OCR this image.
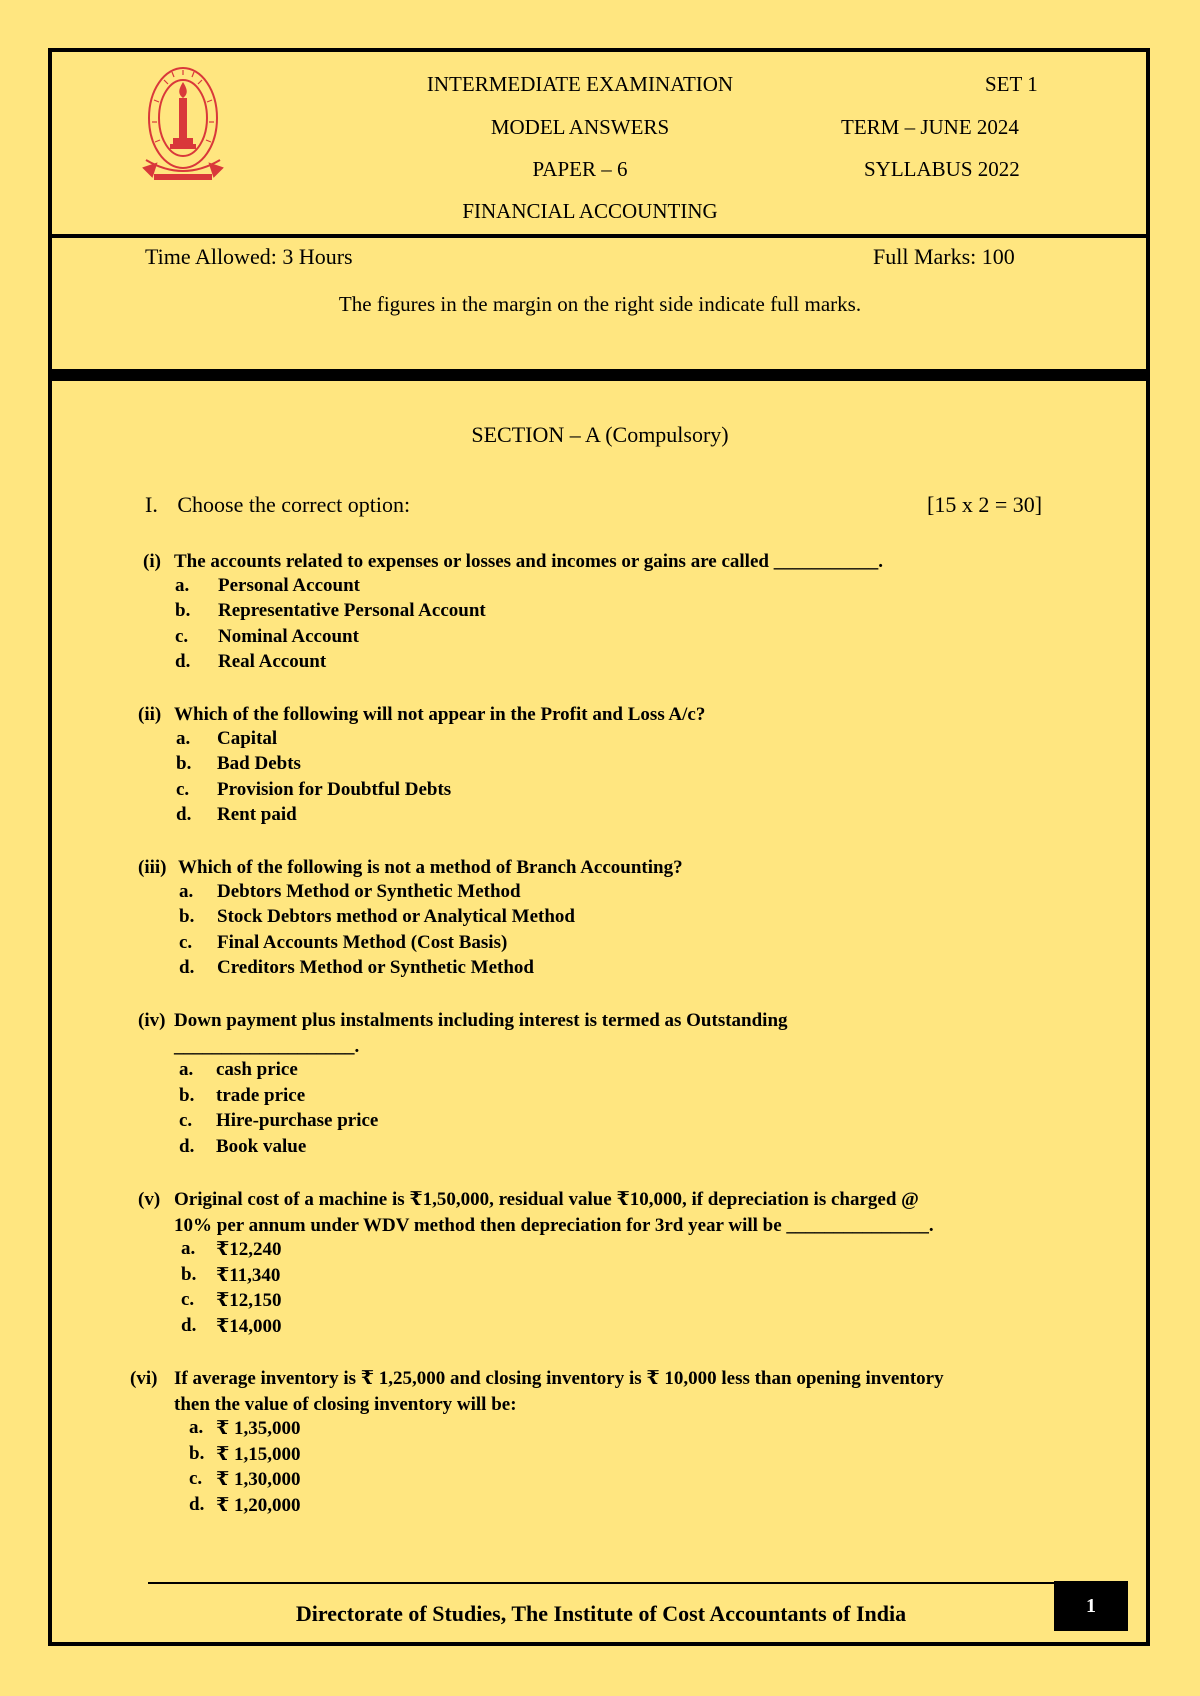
INTERMEDIATE EXAMINATION	SET 1
MODEL ANSWERS	TERM – JUNE 2024
PAPER – 6	SYLLABUS 2022
FINANCIAL ACCOUNTING
Time Allowed: 3 Hours	Full Marks: 100
The figures in the margin on the right side indicate full marks.
SECTION – A (Compulsory)
I. Choose the correct option:	[15 x 2 = 30]
(i) The accounts related to expenses or losses and incomes or gains are called ___________.
a. Personal Account
b. Representative Personal Account
c. Nominal Account
d. Real Account
(ii) Which of the following will not appear in the Profit and Loss A/c?
a. Capital
b. Bad Debts
c. Provision for Doubtful Debts
d. Rent paid
(iii) Which of the following is not a method of Branch Accounting?
a. Debtors Method or Synthetic Method
b. Stock Debtors method or Analytical Method
c. Final Accounts Method (Cost Basis)
d. Creditors Method or Synthetic Method
(iv) Down payment plus instalments including interest is termed as Outstanding
___________________.
a. cash price
b. trade price
c. Hire-purchase price
d. Book value
(v) Original cost of a machine is ₹1,50,000, residual value ₹10,000, if depreciation is charged @
10% per annum under WDV method then depreciation for 3rd year will be _______________.
a. ₹12,240
b. ₹11,340
c. ₹12,150
d. ₹14,000
(vi) If average inventory is ₹ 1,25,000 and closing inventory is ₹ 10,000 less than opening inventory
then the value of closing inventory will be:
a. ₹ 1,35,000
b. ₹ 1,15,000
c. ₹ 1,30,000
d. ₹ 1,20,000
Directorate of Studies, The Institute of Cost Accountants of India	1
